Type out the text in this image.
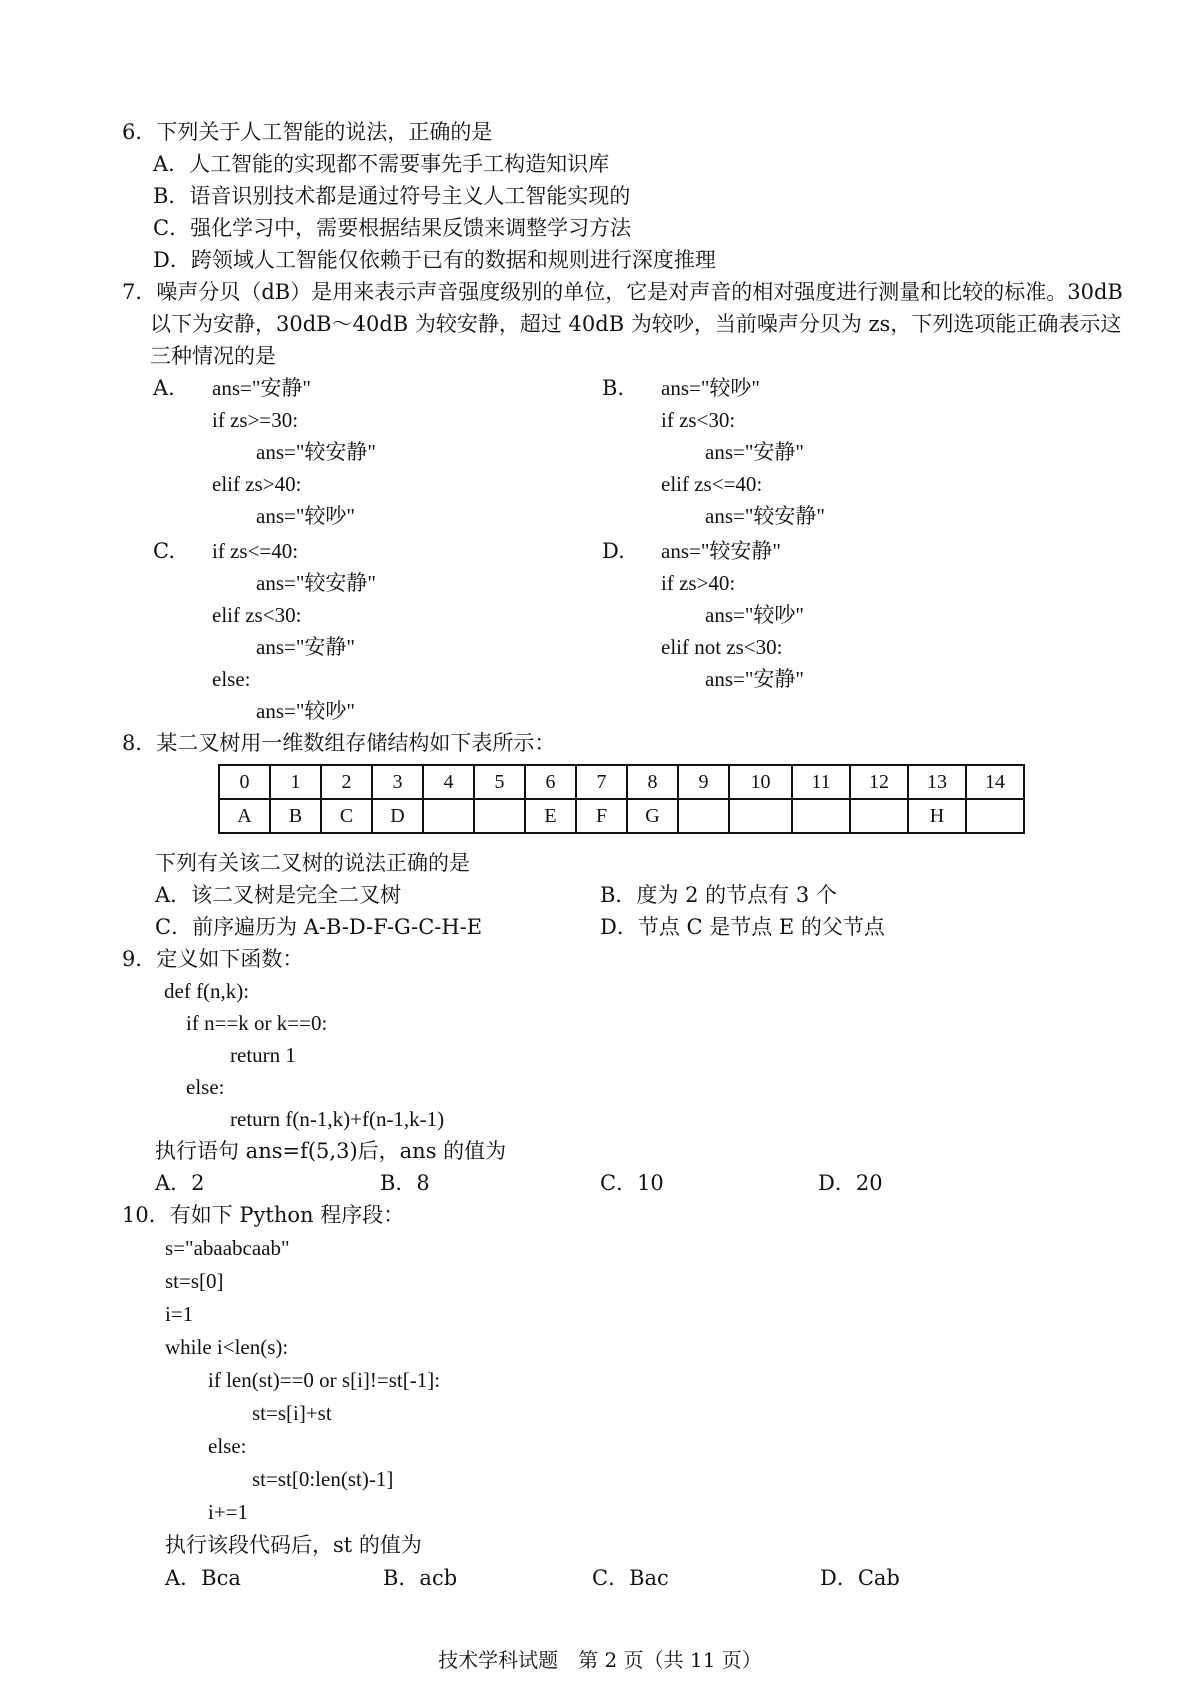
6．下列关于人工智能的说法，正确的是
A．人工智能的实现都不需要事先手工构造知识库
B．语音识别技术都是通过符号主义人工智能实现的
C．强化学习中，需要根据结果反馈来调整学习方法
D．跨领域人工智能仅依赖于已有的数据和规则进行深度推理
7．噪声分贝（dB）是用来表示声音强度级别的单位，它是对声音的相对强度进行测量和比较的标准。30dB
以下为安静，30dB～40dB 为较安静，超过 40dB 为较吵，当前噪声分贝为 zs，下列选项能正确表示这
三种情况的是
A. ans="安静"
if zs>=30:
ans="较安静"
elif zs>40:
ans="较吵"
B. ans="较吵"
if zs<30:
ans="安静"
elif zs<=40:
ans="较安静"
C. if zs<=40:
ans="较安静"
elif zs<30:
ans="安静"
else:
ans="较吵"
D. ans="较安静"
if zs>40:
ans="较吵"
elif not zs<30:
ans="安静"
8．某二叉树用一维数组存储结构如下表所示：
0	1	2	3	4	5	6	7	8	9	10	11	12	13	14
A	B	C	D			E	F	G					H	
下列有关该二叉树的说法正确的是
A．该二叉树是完全二叉树	B．度为 2 的节点有 3 个
C．前序遍历为 A-B-D-F-G-C-H-E	D．节点 C 是节点 E 的父节点
9．定义如下函数：
def f(n,k):
if n==k or k==0:
return 1
else:
return f(n-1,k)+f(n-1,k-1)
执行语句 ans=f(5,3)后，ans 的值为
A．2	B．8	C．10	D．20
10．有如下 Python 程序段：
s="abaabcaab"
st=s[0]
i=1
while i<len(s):
if len(st)==0 or s[i]!=st[-1]:
st=s[i]+st
else:
st=st[0:len(st)-1]
i+=1
执行该段代码后，st 的值为
A．Bca	B．acb	C．Bac	D．Cab
技术学科试题　第 2 页（共 11 页）
